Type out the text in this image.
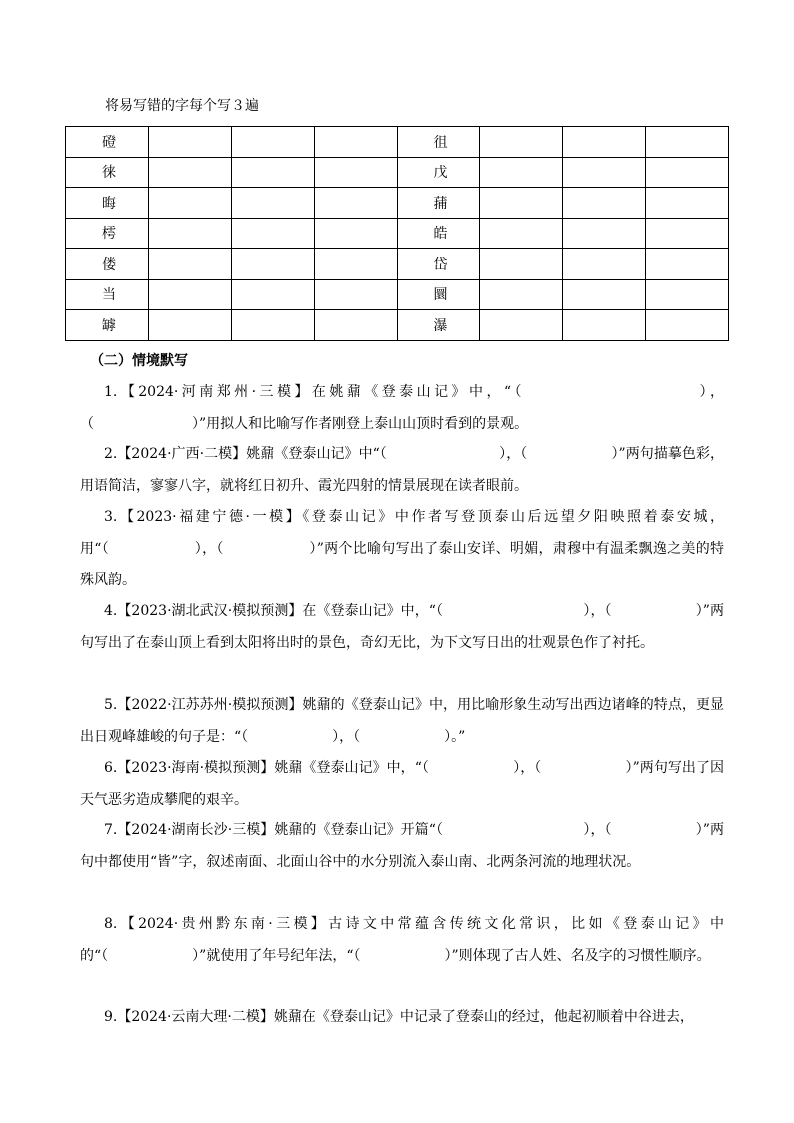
将易写错的字每个写３遍
磴				徂			
徕				戊			
晦				蒱			
樗				皓			
偻				岱			
当				圜			
罅				瀑			
（二）情境默写

1.【2024·河南郑州·三模】在姚鼐《登泰山记》中，“（　　　　　　　　　　），（　　　　　　　）”用拟人和比喻写作者刚登上泰山山顶时看到的景观。

2.【2024·广西·二模】姚鼐《登泰山记》中“（　　　　　　　　），（　　　　　　）”两句描摹色彩，用语简洁，寥寥八字，就将红日初升、霞光四射的情景展现在读者眼前。

3.【2023·福建宁德·一模】《登泰山记》中作者写登顶泰山后远望夕阳映照着泰安城，用“（　　　　　　），（　　　　　　）”两个比喻句写出了泰山安详、明媚，肃穆中有温柔飘逸之美的特殊风韵。

4.【2023·湖北武汉·模拟预测】在《登泰山记》中，“（　　　　　　　　　　），（　　　　　　）”两句写出了在泰山顶上看到太阳将出时的景色，奇幻无比，为下文写日出的壮观景色作了衬托。

5.【2022·江苏苏州·模拟预测】姚鼐的《登泰山记》中，用比喻形象生动写出西边诸峰的特点，更显出日观峰雄峻的句子是：“（　　　　　　），（　　　　　　）。”

6.【2023·海南·模拟预测】姚鼐《登泰山记》中，“（　　　　　　），（　　　　　　）”两句写出了因天气恶劣造成攀爬的艰辛。

7.【2024·湖南长沙·三模】姚鼐的《登泰山记》开篇“（　　　　　　　　　　），（　　　　　　）”两句中都使用“皆”字，叙述南面、北面山谷中的水分别流入泰山南、北两条河流的地理状况。

8.【2024·贵州黔东南·三模】古诗文中常蕴含传统文化常识，比如《登泰山记》中的“（　　　　　　）”就使用了年号纪年法，“（　　　　　　）”则体现了古人姓、名及字的习惯性顺序。

9.【2024·云南大理·二模】姚鼐在《登泰山记》中记录了登泰山的经过，他起初顺着中谷进去，
